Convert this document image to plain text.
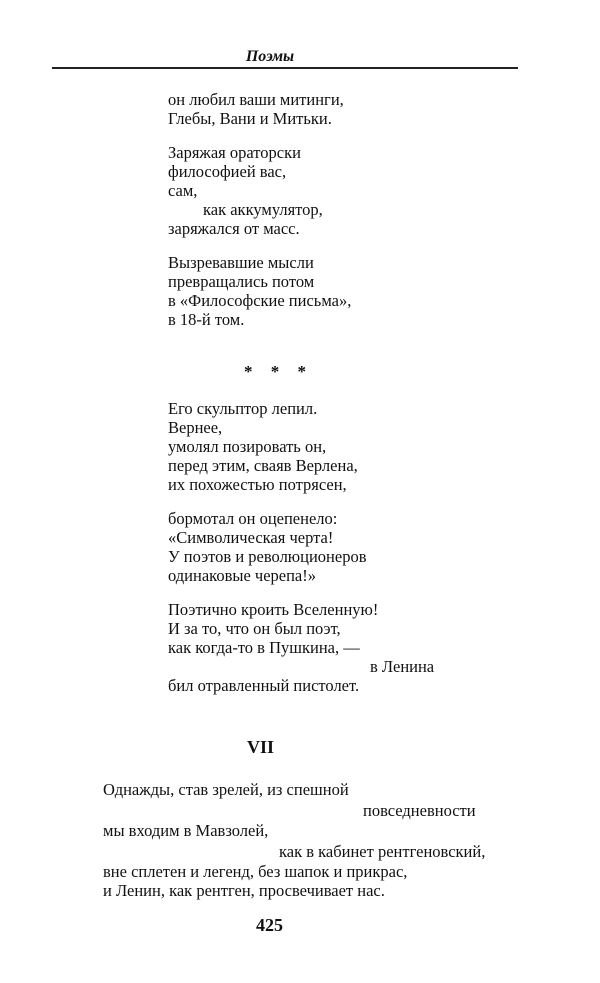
Поэмы
он любил ваши митинги,
Глебы, Вани и Митьки.
Заряжая ораторски
философией вас,
сам,
как аккумулятор,
заряжался от масс.
Вызревавшие мысли
превращались потом
в «Философские письма»,
в 18-й том.
* * *
Его скульптор лепил.
Вернее,
умолял позировать он,
перед этим, сваяв Верлена,
их похожестью потрясен,
бормотал он оцепенело:
«Символическая черта!
У поэтов и революционеров
одинаковые черепа!»
Поэтично кроить Вселенную!
И за то, что он был поэт,
как когда-то в Пушкина, —
в Ленина
бил отравленный пистолет.
VII
Однажды, став зрелей, из спешной
повседневности
мы входим в Мавзолей,
как в кабинет рентгеновский,
вне сплетен и легенд, без шапок и прикрас,
и Ленин, как рентген, просвечивает нас.
425
